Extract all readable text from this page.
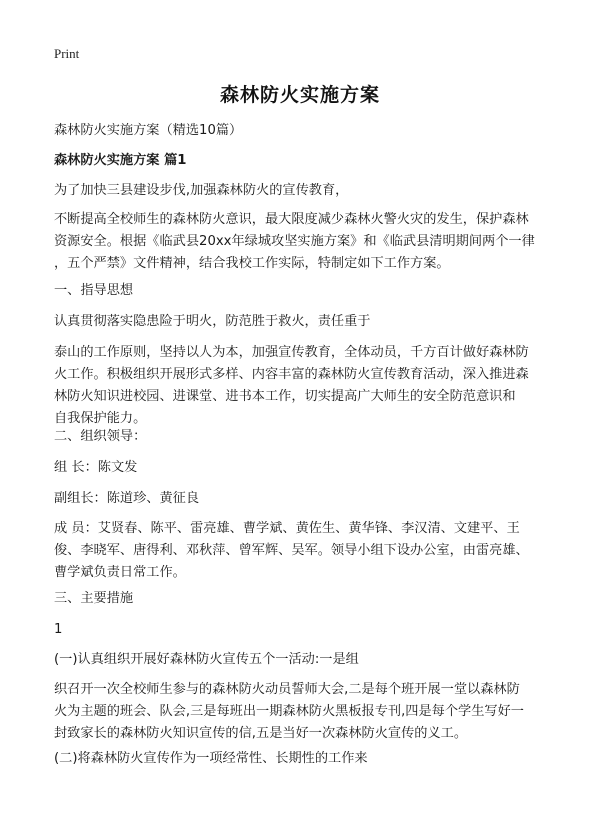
Print
森林防火实施方案
森林防火实施方案（精选10篇）
森林防火实施方案 篇1
为了加快三县建设步伐,加强森林防火的宣传教育，
不断提高全校师生的森林防火意识，最大限度减少森林火警火灾的发生，保护森林
资源安全。根据《临武县20xx年绿城攻坚实施方案》和《临武县清明期间两个一律
，五个严禁》文件精神，结合我校工作实际，特制定如下工作方案。
一、指导思想
认真贯彻落实隐患险于明火，防范胜于救火，责任重于
泰山的工作原则，坚持以人为本，加强宣传教育，全体动员，千方百计做好森林防
火工作。积极组织开展形式多样、内容丰富的森林防火宣传教育活动，深入推进森
林防火知识进校园、进课堂、进书本工作，切实提高广大师生的安全防范意识和
自我保护能力。
二、组织领导：
组 长：陈文发
副组长：陈道珍、黄征良
成 员：艾贤春、陈平、雷亮雄、曹学斌、黄佐生、黄华锋、李汉清、文建平、王
俊、李晓军、唐得利、邓秋萍、曾军辉、吴军。领导小组下设办公室，由雷亮雄、
曹学斌负责日常工作。
三、主要措施
1
(一)认真组织开展好森林防火宣传五个一活动:一是组
织召开一次全校师生参与的森林防火动员誓师大会,二是每个班开展一堂以森林防
火为主题的班会、队会,三是每班出一期森林防火黑板报专刊,四是每个学生写好一
封致家长的森林防火知识宣传的信,五是当好一次森林防火宣传的义工。
(二)将森林防火宣传作为一项经常性、长期性的工作来
